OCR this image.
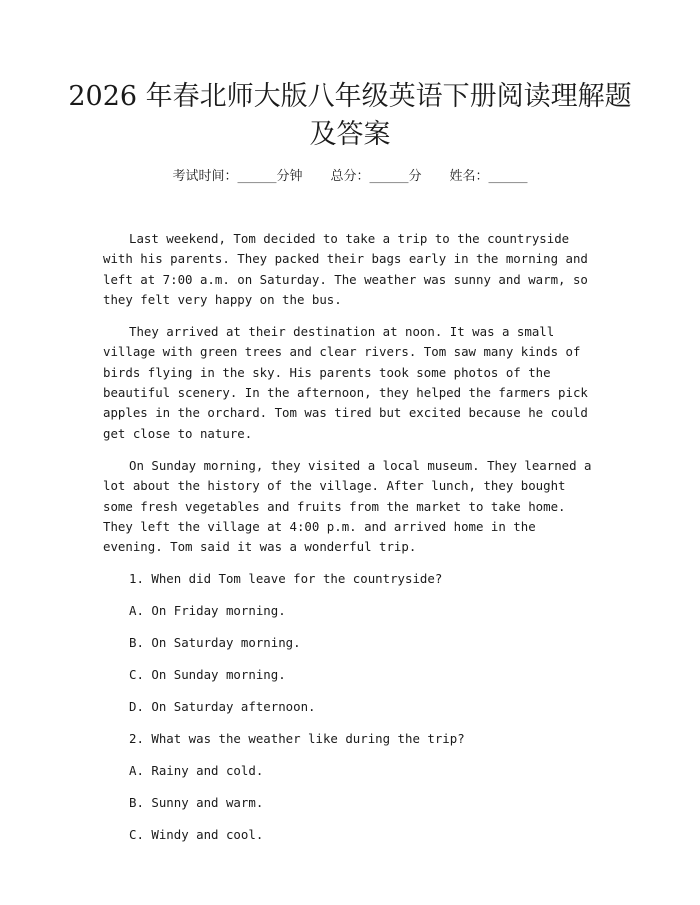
2026 年春北师大版八年级英语下册阅读理解题及答案
考试时间：______分钟 总分：______分 姓名：______

Last weekend, Tom decided to take a trip to the countryside with his parents. They packed their bags early in the morning and left at 7:00 a.m. on Saturday. The weather was sunny and warm, so they felt very happy on the bus.

They arrived at their destination at noon. It was a small village with green trees and clear rivers. Tom saw many kinds of birds flying in the sky. His parents took some photos of the beautiful scenery. In the afternoon, they helped the farmers pick apples in the orchard. Tom was tired but excited because he could get close to nature.

On Sunday morning, they visited a local museum. They learned a lot about the history of the village. After lunch, they bought some fresh vegetables and fruits from the market to take home. They left the village at 4:00 p.m. and arrived home in the evening. Tom said it was a wonderful trip.

1. When did Tom leave for the countryside?

A. On Friday morning.

B. On Saturday morning.

C. On Sunday morning.

D. On Saturday afternoon.

2. What was the weather like during the trip?

A. Rainy and cold.

B. Sunny and warm.

C. Windy and cool.
